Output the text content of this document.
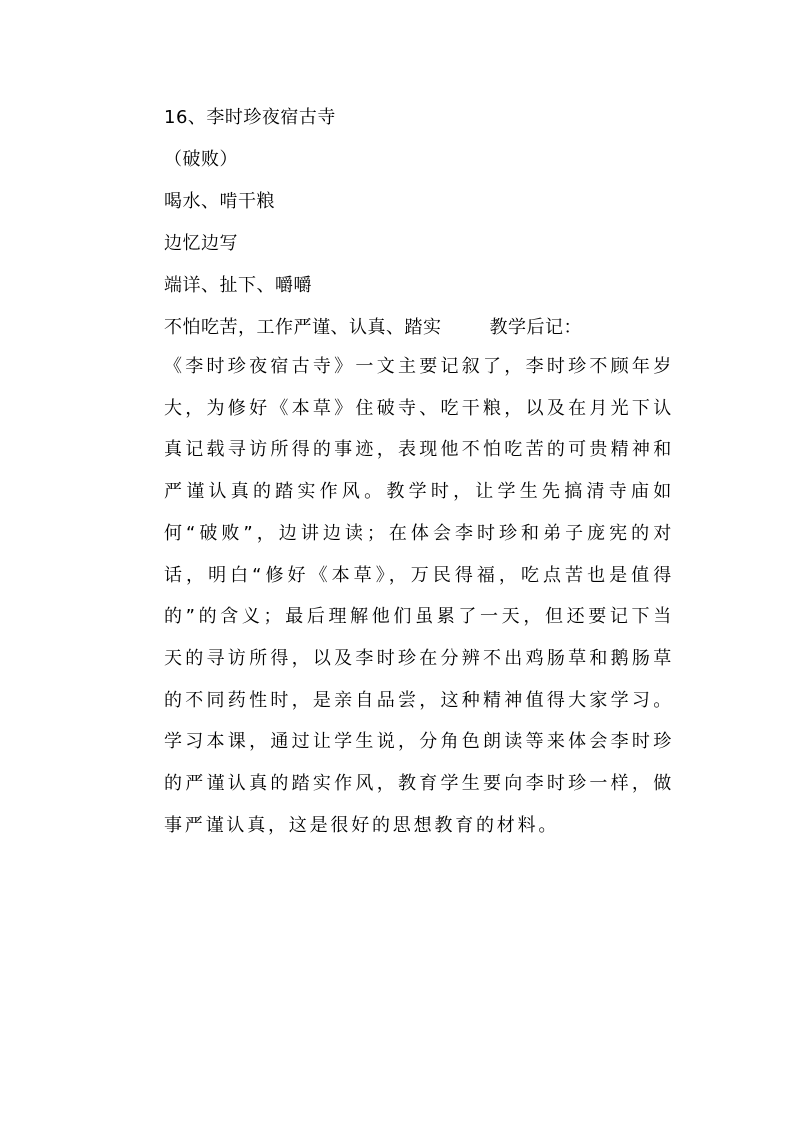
16、李时珍夜宿古寺
（破败）
喝水、啃干粮
边忆边写
端详、扯下、嚼嚼
不怕吃苦，工作严谨、认真、踏实	教学后记：
《李时珍夜宿古寺》一文主要记叙了，李时珍不顾年岁大，为修好《本草》住破寺、吃干粮，以及在月光下认真记载寻访所得的事迹，表现他不怕吃苦的可贵精神和严谨认真的踏实作风。教学时，让学生先搞清寺庙如何“破败”，边讲边读；在体会李时珍和弟子庞宪的对话，明白“修好《本草》，万民得福，吃点苦也是值得的”的含义；最后理解他们虽累了一天，但还要记下当天的寻访所得，以及李时珍在分辨不出鸡肠草和鹅肠草的不同药性时，是亲自品尝，这种精神值得大家学习。学习本课，通过让学生说，分角色朗读等来体会李时珍的严谨认真的踏实作风，教育学生要向李时珍一样，做事严谨认真，这是很好的思想教育的材料。
